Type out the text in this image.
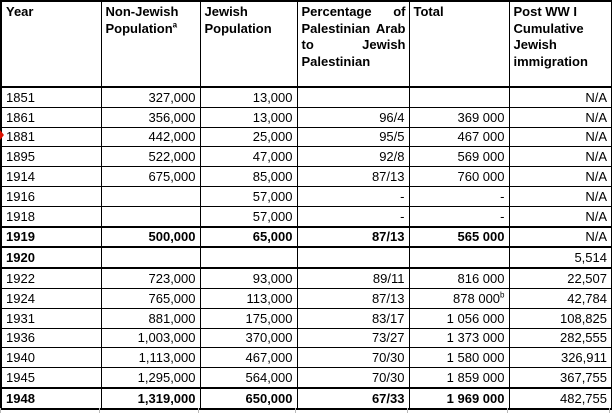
Year	Non-Jewish Population$^a$	Jewish Population	Percentage of Palestinian Arab to Jewish Palestinian	Total	Post WW I Cumulative Jewish immigration
1851	327,000	13,000			N/A
1861	356,000	13,000	96/4	369 000	N/A
1881	442,000	25,000	95/5	467 000	N/A
1895	522,000	47,000	92/8	569 000	N/A
1914	675,000	85,000	87/13	760 000	N/A
1916		57,000	-	-	N/A
1918		57,000	-	-	N/A
1919	500,000	65,000	87/13	565 000	N/A
1920					5,514
1922	723,000	93,000	89/11	816 000	22,507
1924	765,000	113,000	87/13	878 000$^b$	42,784
1931	881,000	175,000	83/17	1 056 000	108,825
1936	1,003,000	370,000	73/27	1 373 000	282,555
1940	1,113,000	467,000	70/30	1 580 000	326,911
1945	1,295,000	564,000	70/30	1 859 000	367,755
1948	1,319,000	650,000	67/33	1 969 000	482,755
